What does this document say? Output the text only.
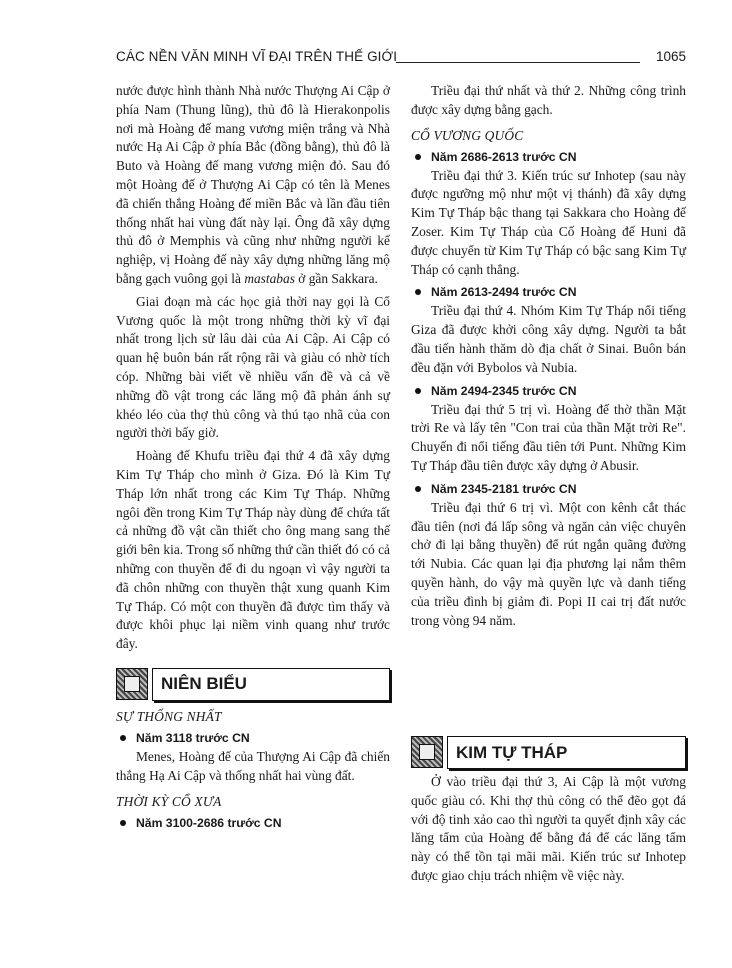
CÁC NỀN VĂN MINH VĨ ĐẠI TRÊN THẾ GIỚI	1065

nước được hình thành Nhà nước Thượng Ai Cập ở phía Nam (Thung lũng), thủ đô là Hierakonpolis nơi mà Hoàng đế mang vương miện trắng và Nhà nước Hạ Ai Cập ở phía Bắc (đồng bằng), thủ đô là Buto và Hoàng đế mang vương miện đỏ. Sau đó một Hoàng đế ở Thượng Ai Cập có tên là Menes đã chiến thắng Hoàng đế miền Bắc và lần đầu tiên thống nhất hai vùng đất này lại. Ông đã xây dựng thủ đô ở Memphis và cũng như những người kế nghiệp, vị Hoàng đế này xây dựng những lăng mộ bằng gạch vuông gọi là mastabas ở gần Sakkara.

Giai đoạn mà các học giả thời nay gọi là Cổ Vương quốc là một trong những thời kỳ vĩ đại nhất trong lịch sử lâu dài của Ai Cập. Ai Cập có quan hệ buôn bán rất rộng rãi và giàu có nhờ tích cóp. Những bài viết về nhiều vấn đề và cả về những đồ vật trong các lăng mộ đã phản ánh sự khéo léo của thợ thủ công và thú tạo nhã của con người thời bấy giờ.

Hoàng đế Khufu triều đại thứ 4 đã xây dựng Kim Tự Tháp cho mình ở Giza. Đó là Kim Tự Tháp lớn nhất trong các Kim Tự Tháp. Những ngôi đền trong Kim Tự Tháp này dùng để chứa tất cả những đồ vật cần thiết cho ông mang sang thế giới bên kia. Trong số những thứ cần thiết đó có cả những con thuyền để đi du ngoạn vì vậy người ta đã chôn những con thuyền thật xung quanh Kim Tự Tháp. Có một con thuyền đã được tìm thấy và được khôi phục lại niềm vinh quang như trước đây.

NIÊN BIỂU
SỰ THỐNG NHẤT
Năm 3118 trước CN

Menes, Hoàng đế của Thượng Ai Cập đã chiến thắng Hạ Ai Cập và thống nhất hai vùng đất.

THỜI KỲ CỔ XƯA
Năm 3100-2686 trước CN

Triều đại thứ nhất và thứ 2. Những công trình được xây dựng bằng gạch.

CỔ VƯƠNG QUỐC
Năm 2686-2613 trước CN

Triều đại thứ 3. Kiến trúc sư Inhotep (sau này được ngưỡng mộ như một vị thánh) đã xây dựng Kim Tự Tháp bậc thang tại Sakkara cho Hoàng đế Zoser. Kim Tự Tháp của Cố Hoàng đế Huni đã được chuyển từ Kim Tự Tháp có bậc sang Kim Tự Tháp có cạnh thẳng.

Năm 2613-2494 trước CN

Triều đại thứ 4. Nhóm Kim Tự Tháp nổi tiếng Giza đã được khởi công xây dựng. Người ta bắt đầu tiến hành thăm dò địa chất ở Sinai. Buôn bán đều đặn với Bybolos và Nubia.

Năm 2494-2345 trước CN

Triều đại thứ 5 trị vì. Hoàng đế thờ thần Mặt trời Re và lấy tên "Con trai của thần Mặt trời Re". Chuyến đi nổi tiếng đầu tiên tới Punt. Những Kim Tự Tháp đầu tiên được xây dựng ở Abusir.

Năm 2345-2181 trước CN

Triều đại thứ 6 trị vì. Một con kênh cắt thác đầu tiên (nơi đá lấp sông và ngăn cản việc chuyên chở đi lại bằng thuyền) để rút ngắn quãng đường tới Nubia. Các quan lại địa phương lại nắm thêm quyền hành, do vậy mà quyền lực và danh tiếng của triều đình bị giảm đi. Popi II cai trị đất nước trong vòng 94 năm.

KIM TỰ THÁP

Ở vào triều đại thứ 3, Ai Cập là một vương quốc giàu có. Khi thợ thủ công có thể đẽo gọt đá với độ tinh xảo cao thì người ta quyết định xây các lăng tẩm của Hoàng đế bằng đá để các lăng tẩm này có thể tồn tại mãi mãi. Kiến trúc sư Inhotep được giao chịu trách nhiệm về việc này.
